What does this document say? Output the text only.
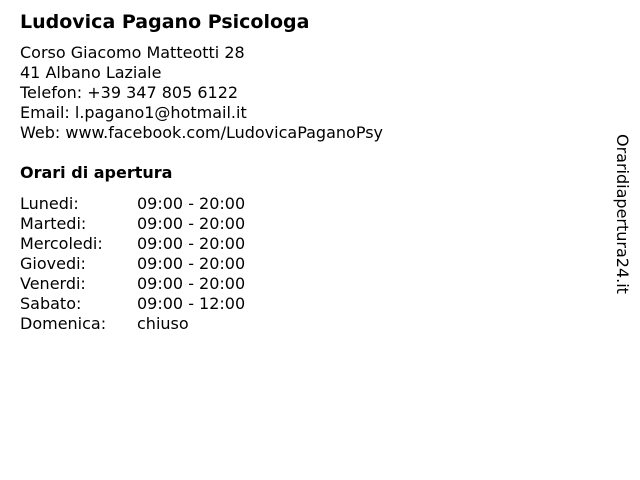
Ludovica Pagano Psicologa
Corso Giacomo Matteotti 28
41 Albano Laziale
Telefon: +39 347 805 6122
Email: l.pagano1@hotmail.it
Web: www.facebook.com/LudovicaPaganoPsy
Orari di apertura
Lunedi:	09:00 - 20:00
Martedi:	09:00 - 20:00
Mercoledi: 09:00 - 20:00
Giovedi:	09:00 - 20:00
Venerdi:	09:00 - 20:00
Sabato:	09:00 - 12:00
Domenica: chiuso
Oraridiapertura24.it
